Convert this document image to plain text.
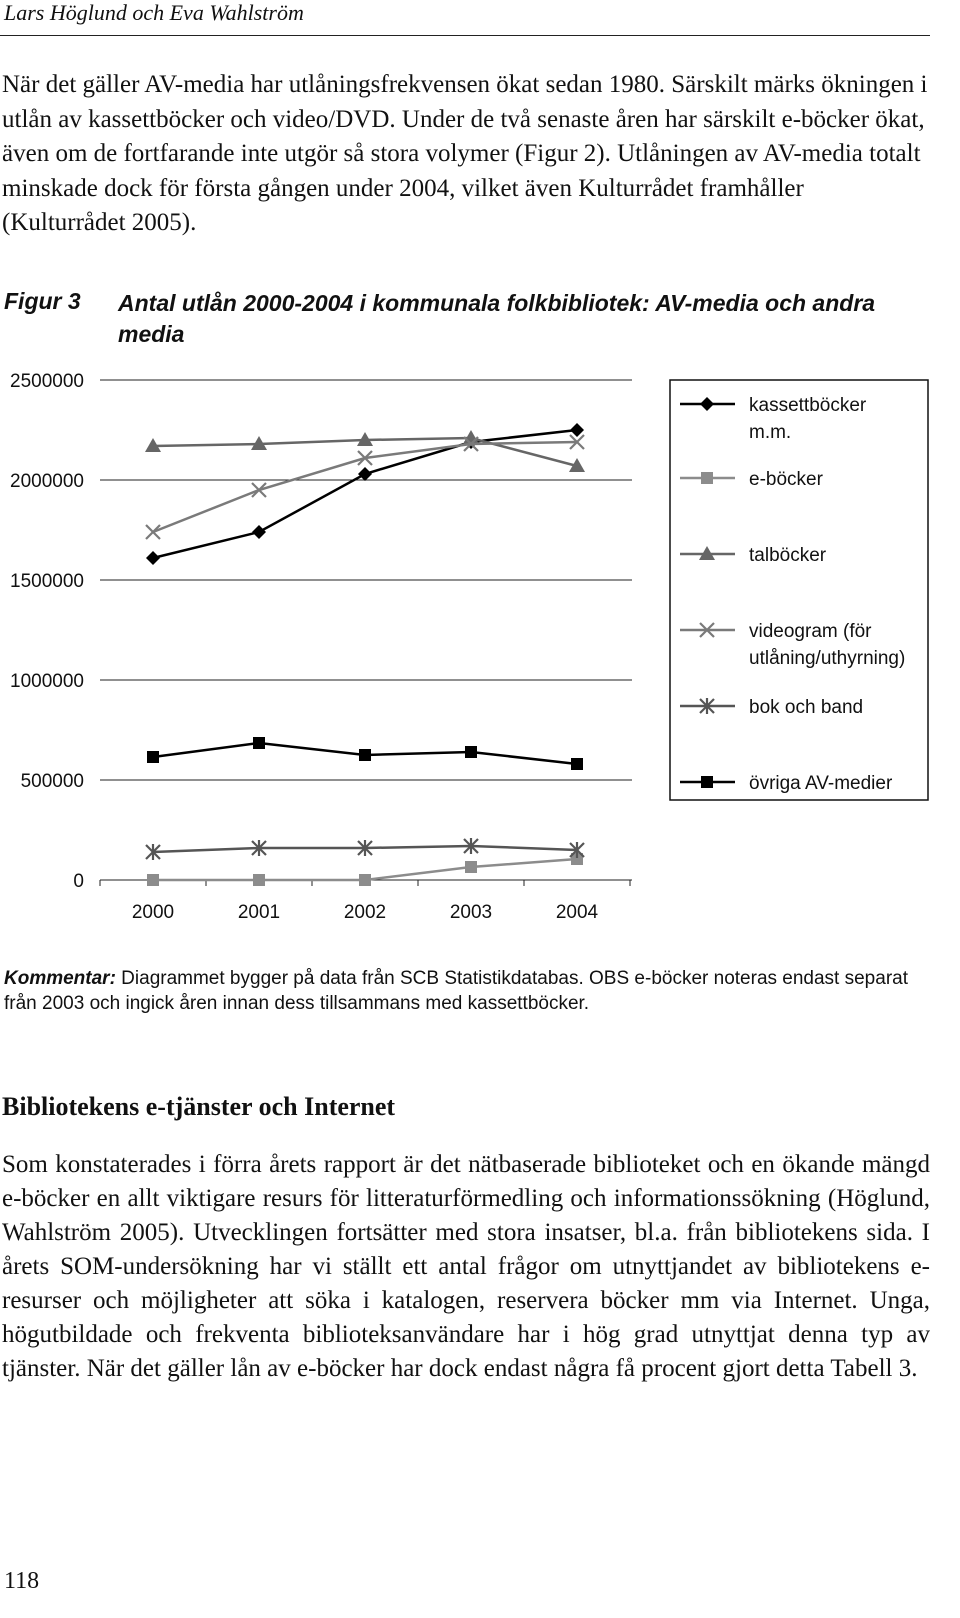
Lars Höglund och Eva Wahlström

När det gäller AV-media har utlåningsfrekvensen ökat sedan 1980. Särskilt märks ökningen i utlån av kassettböcker och video/DVD. Under de två senaste åren har särskilt e-böcker ökat, även om de fortfarande inte utgör så stora volymer (Figur 2). Utlåningen av AV-media totalt minskade dock för första gången under 2004, vilket även Kulturrådet framhåller (Kulturrådet 2005).

Figur 3 Antal utlån 2000-2004 i kommunala folkbibliotek: AV-media och andra media
0
500000
1000000
1500000
2000000
2500000
2000	2001	2002	2003	2004
kassettböcker
m.m.
e-böcker
talböcker
videogram (för
utlåning/uthyrning)
bok och band
övriga AV-medier
Kommentar: Diagrammet bygger på data från SCB Statistikdatabas. OBS e-böcker noteras endast separat från 2003 och ingick åren innan dess tillsammans med kassettböcker.
Bibliotekens e-tjänster och Internet

Som konstaterades i förra årets rapport är det nätbaserade biblioteket och en ökande mängd e-böcker en allt viktigare resurs för litteraturförmedling och informationssökning (Höglund, Wahlström 2005). Utvecklingen fortsätter med stora insatser, bl.a. från bibliotekens sida. I årets SOM-undersökning har vi ställt ett antal frågor om utnyttjandet av bibliotekens e-resurser och möjligheter att söka i katalogen, reservera böcker mm via Internet. Unga, högutbildade och frekventa biblioteksanvändare har i hög grad utnyttjat denna typ av tjänster. När det gäller lån av e-böcker har dock endast några få procent gjort detta Tabell 3.

118
